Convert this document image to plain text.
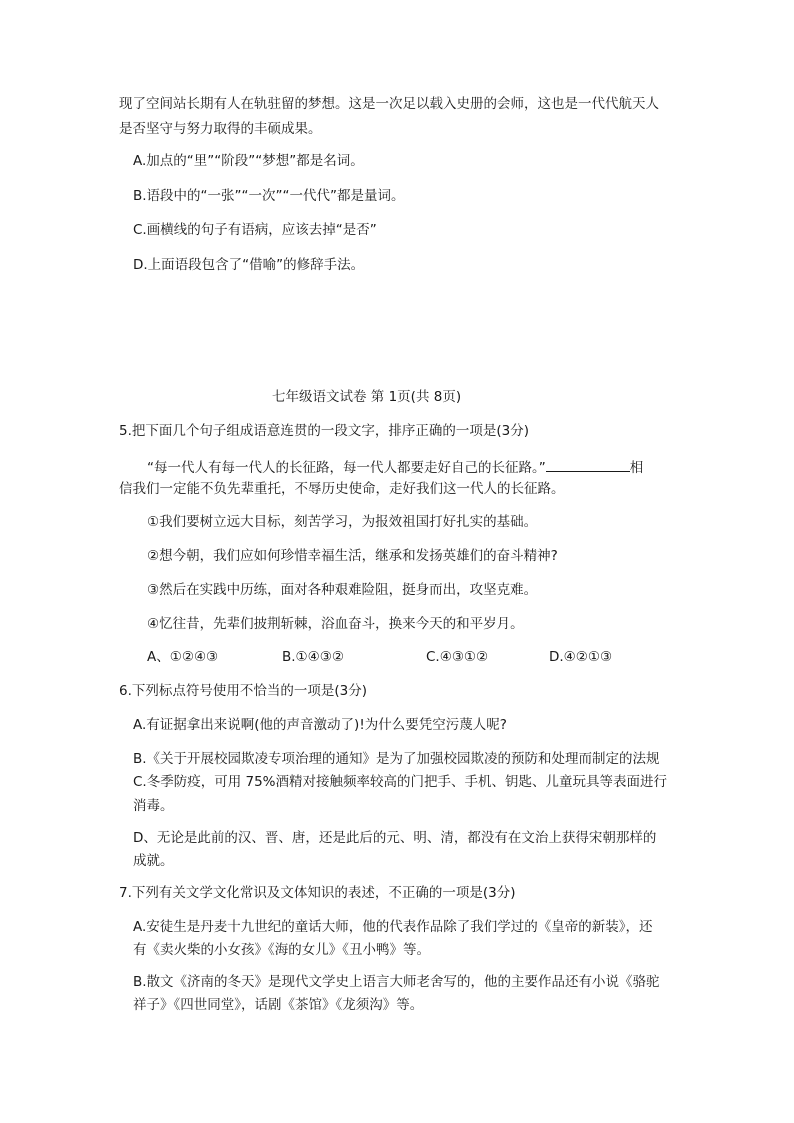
现了空间站长期有人在轨驻留的梦想。这是一次足以载入史册的会师，这也是一代代航天人
是否坚守与努力取得的丰硕成果。
A.加点的“里”“阶段”“梦想”都是名词。
B.语段中的“一张”“一次”“一代代”都是量词。
C.画横线的句子有语病，应该去掉“是否”
D.上面语段包含了“借喻”的修辞手法。
七年级语文试卷 第 1页(共 8页)
5.把下面几个句子组成语意连贯的一段文字，排序正确的一项是(3分)
“每一代人有每一代人的长征路，每一代人都要走好自己的长征路。”	相
信我们一定能不负先辈重托，不辱历史使命，走好我们这一代人的长征路。
①我们要树立远大目标，刻苦学习，为报效祖国打好扎实的基础。
②想今朝，我们应如何珍惜幸福生活，继承和发扬英雄们的奋斗精神?
③然后在实践中历练，面对各种艰难险阻，挺身而出，攻坚克难。
④忆往昔，先辈们披荆斩棘，浴血奋斗，换来今天的和平岁月。
A、①②④③	B.①④③②	C.④③①②	D.④②①③
6.下列标点符号使用不恰当的一项是(3分)
A.有证据拿出来说啊(他的声音激动了)!为什么要凭空污蔑人呢?
B.《关于开展校园欺凌专项治理的通知》是为了加强校园欺凌的预防和处理而制定的法规
C.冬季防疫，可用 75%酒精对接触频率较高的门把手、手机、钥匙、儿童玩具等表面进行
消毒。
D、无论是此前的汉、晋、唐，还是此后的元、明、清，都没有在文治上获得宋朝那样的
成就。
7.下列有关文学文化常识及文体知识的表述，不正确的一项是(3分)
A.安徒生是丹麦十九世纪的童话大师，他的代表作品除了我们学过的《皇帝的新装》，还
有《卖火柴的小女孩》《海的女儿》《丑小鸭》等。
B.散文《济南的冬天》是现代文学史上语言大师老舍写的，他的主要作品还有小说《骆驼
祥子》《四世同堂》，话剧《茶馆》《龙须沟》等。
